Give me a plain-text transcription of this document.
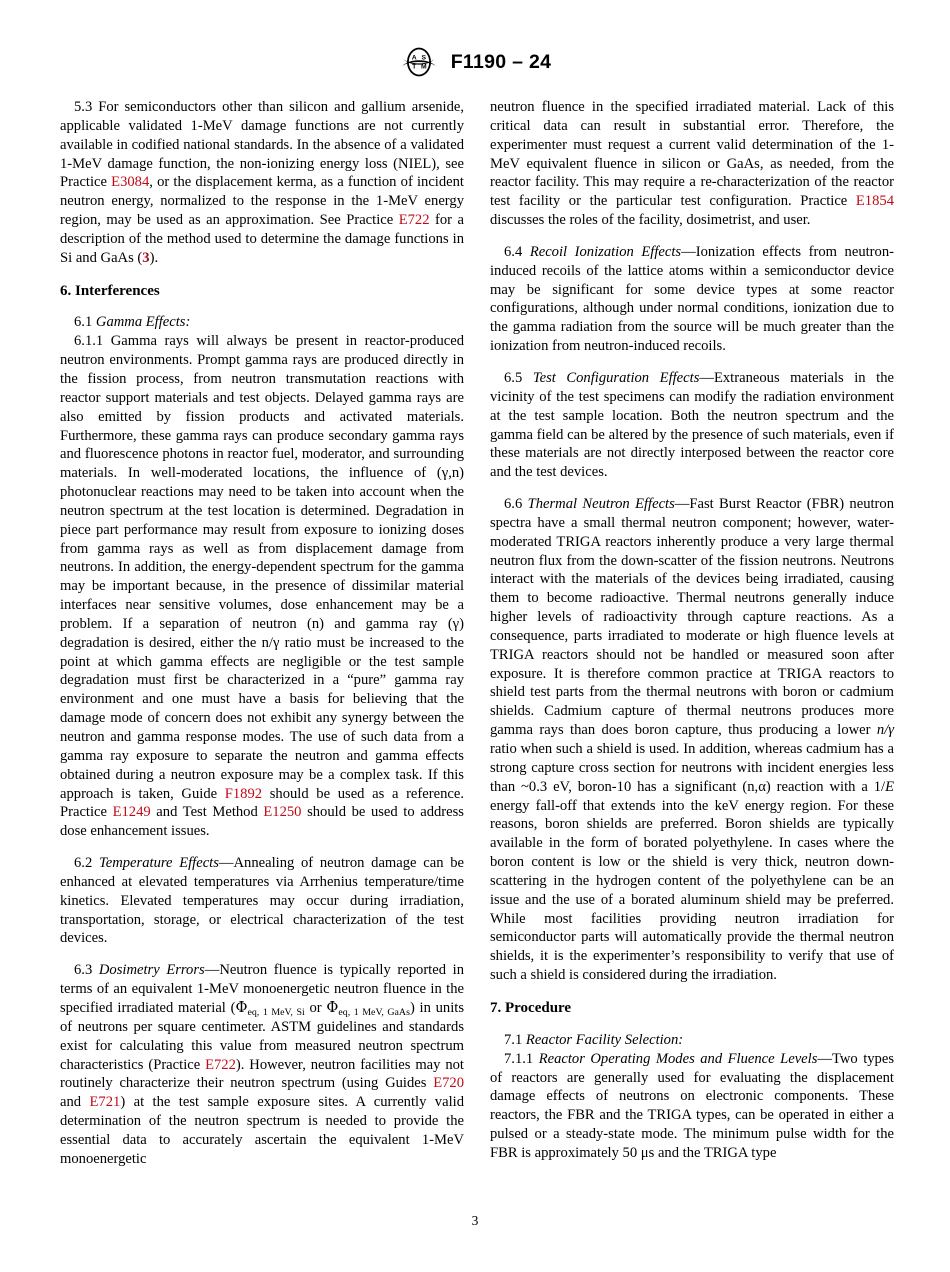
A S
T M F1190 – 24

5.3 For semiconductors other than silicon and gallium arsenide, applicable validated 1-MeV damage functions are not currently available in codified national standards. In the absence of a validated 1-MeV damage function, the non-ionizing energy loss (NIEL), see Practice E3084, or the displacement kerma, as a function of incident neutron energy, normalized to the response in the 1-MeV energy region, may be used as an approximation. See Practice E722 for a description of the method used to determine the damage functions in Si and GaAs (3).

6. Interferences

6.1 Gamma Effects:

6.1.1 Gamma rays will always be present in reactor-produced neutron environments. Prompt gamma rays are produced directly in the fission process, from neutron transmutation reactions with reactor support materials and test objects. Delayed gamma rays are also emitted by fission products and activated materials. Furthermore, these gamma rays can produce secondary gamma rays and fluorescence photons in reactor fuel, moderator, and surrounding materials. In well-moderated locations, the influence of (γ,n) photonuclear reactions may need to be taken into account when the neutron spectrum at the test location is determined. Degradation in piece part performance may result from exposure to ionizing doses from gamma rays as well as from displacement damage from neutrons. In addition, the energy-dependent spectrum for the gamma may be important because, in the presence of dissimilar material interfaces near sensitive volumes, dose enhancement may be a problem. If a separation of neutron (n) and gamma ray (γ) degradation is desired, either the n/γ ratio must be increased to the point at which gamma effects are negligible or the test sample degradation must first be characterized in a “pure” gamma ray environment and one must have a basis for believing that the damage mode of concern does not exhibit any synergy between the neutron and gamma response modes. The use of such data from a gamma ray exposure to separate the neutron and gamma effects obtained during a neutron exposure may be a complex task. If this approach is taken, Guide F1892 should be used as a reference. Practice E1249 and Test Method E1250 should be used to address dose enhancement issues.

6.2 Temperature Effects—Annealing of neutron damage can be enhanced at elevated temperatures via Arrhenius temperature/time kinetics. Elevated temperatures may occur during irradiation, transportation, storage, or electrical characterization of the test devices.

6.3 Dosimetry Errors—Neutron fluence is typically reported in terms of an equivalent 1-MeV monoenergetic neutron fluence in the specified irradiated material ($\Phi_{eq, 1 MeV, Si}$ or $\Phi_{eq, 1 MeV, GaAs}$) in units of neutrons per square centimeter. ASTM guidelines and standards exist for calculating this value from measured neutron spectrum characteristics (Practice E722). However, neutron facilities may not routinely characterize their neutron spectrum (using Guides E720 and E721) at the test sample exposure sites. A currently valid determination of the neutron spectrum is needed to provide the essential data to accurately ascertain the equivalent 1-MeV monoenergetic

neutron fluence in the specified irradiated material. Lack of this critical data can result in substantial error. Therefore, the experimenter must request a current valid determination of the 1-MeV equivalent fluence in silicon or GaAs, as needed, from the reactor facility. This may require a re-characterization of the reactor test facility or the particular test configuration. Practice E1854 discusses the roles of the facility, dosimetrist, and user.

6.4 Recoil Ionization Effects—Ionization effects from neutron-induced recoils of the lattice atoms within a semiconductor device may be significant for some device types at some reactor configurations, although under normal conditions, ionization due to the gamma radiation from the source will be much greater than the ionization from neutron-induced recoils.

6.5 Test Configuration Effects—Extraneous materials in the vicinity of the test specimens can modify the radiation environment at the test sample location. Both the neutron spectrum and the gamma field can be altered by the presence of such materials, even if these materials are not directly interposed between the reactor core and the test devices.

6.6 Thermal Neutron Effects—Fast Burst Reactor (FBR) neutron spectra have a small thermal neutron component; however, water-moderated TRIGA reactors inherently produce a very large thermal neutron flux from the down-scatter of the fission neutrons. Neutrons interact with the materials of the devices being irradiated, causing them to become radioactive. Thermal neutrons generally induce higher levels of radioactivity through capture reactions. As a consequence, parts irradiated to moderate or high fluence levels at TRIGA reactors should not be handled or measured soon after exposure. It is therefore common practice at TRIGA reactors to shield test parts from the thermal neutrons with boron or cadmium shields. Cadmium capture of thermal neutrons produces more gamma rays than does boron capture, thus producing a lower n/γ ratio when such a shield is used. In addition, whereas cadmium has a strong capture cross section for neutrons with incident energies less than ~0.3 eV, boron-10 has a significant (n,α) reaction with a 1/E energy fall-off that extends into the keV energy region. For these reasons, boron shields are preferred. Boron shields are typically available in the form of borated polyethylene. In cases where the boron content is low or the shield is very thick, neutron down-scattering in the hydrogen content of the polyethylene can be an issue and the use of a borated aluminum shield may be preferred. While most facilities providing neutron irradiation for semiconductor parts will automatically provide the thermal neutron shields, it is the experimenter’s responsibility to verify that use of such a shield is considered during the irradiation.

7. Procedure

7.1 Reactor Facility Selection:

7.1.1 Reactor Operating Modes and Fluence Levels—Two types of reactors are generally used for evaluating the displacement damage effects of neutrons on electronic components. These reactors, the FBR and the TRIGA types, can be operated in either a pulsed or a steady-state mode. The minimum pulse width for the FBR is approximately 50 μs and the TRIGA type

3
